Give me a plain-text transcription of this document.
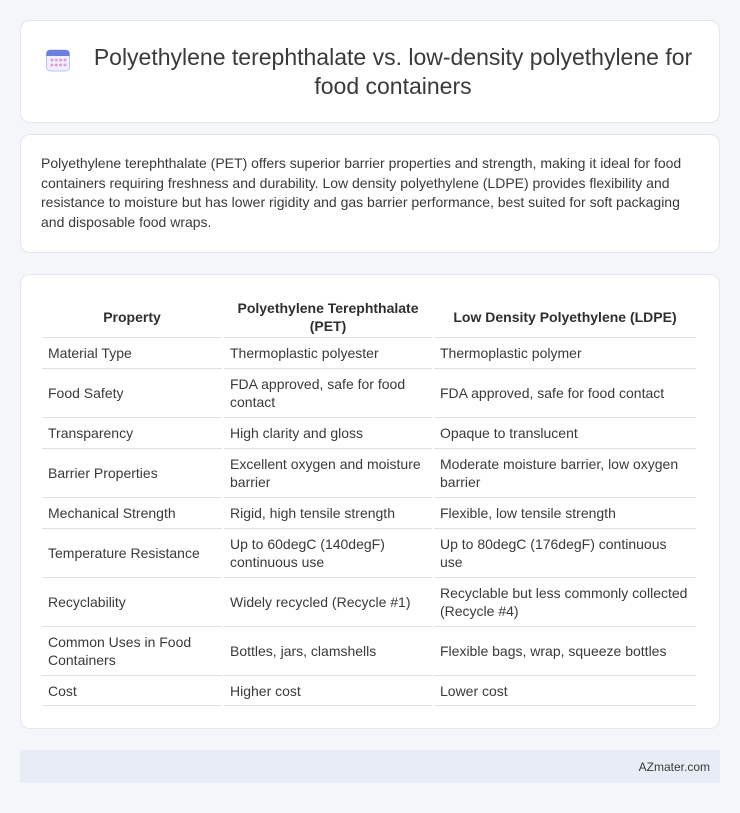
Polyethylene terephthalate vs. low-density polyethylene for food containers

Polyethylene terephthalate (PET) offers superior barrier properties and strength, making it ideal for food containers requiring freshness and durability. Low density polyethylene (LDPE) provides flexibility and resistance to moisture but has lower rigidity and gas barrier performance, best suited for soft packaging and disposable food wraps.

Property	Polyethylene Terephthalate (PET)	Low Density Polyethylene (LDPE)
Material Type	Thermoplastic polyester	Thermoplastic polymer
Food Safety	FDA approved, safe for food contact	FDA approved, safe for food contact
Transparency	High clarity and gloss	Opaque to translucent
Barrier Properties	Excellent oxygen and moisture barrier	Moderate moisture barrier, low oxygen barrier
Mechanical Strength	Rigid, high tensile strength	Flexible, low tensile strength
Temperature Resistance	Up to 60degC (140degF) continuous use	Up to 80degC (176degF) continuous use
Recyclability	Widely recycled (Recycle #1)	Recyclable but less commonly collected (Recycle #4)
Common Uses in Food Containers	Bottles, jars, clamshells	Flexible bags, wrap, squeeze bottles
Cost	Higher cost	Lower cost
AZmater.com
